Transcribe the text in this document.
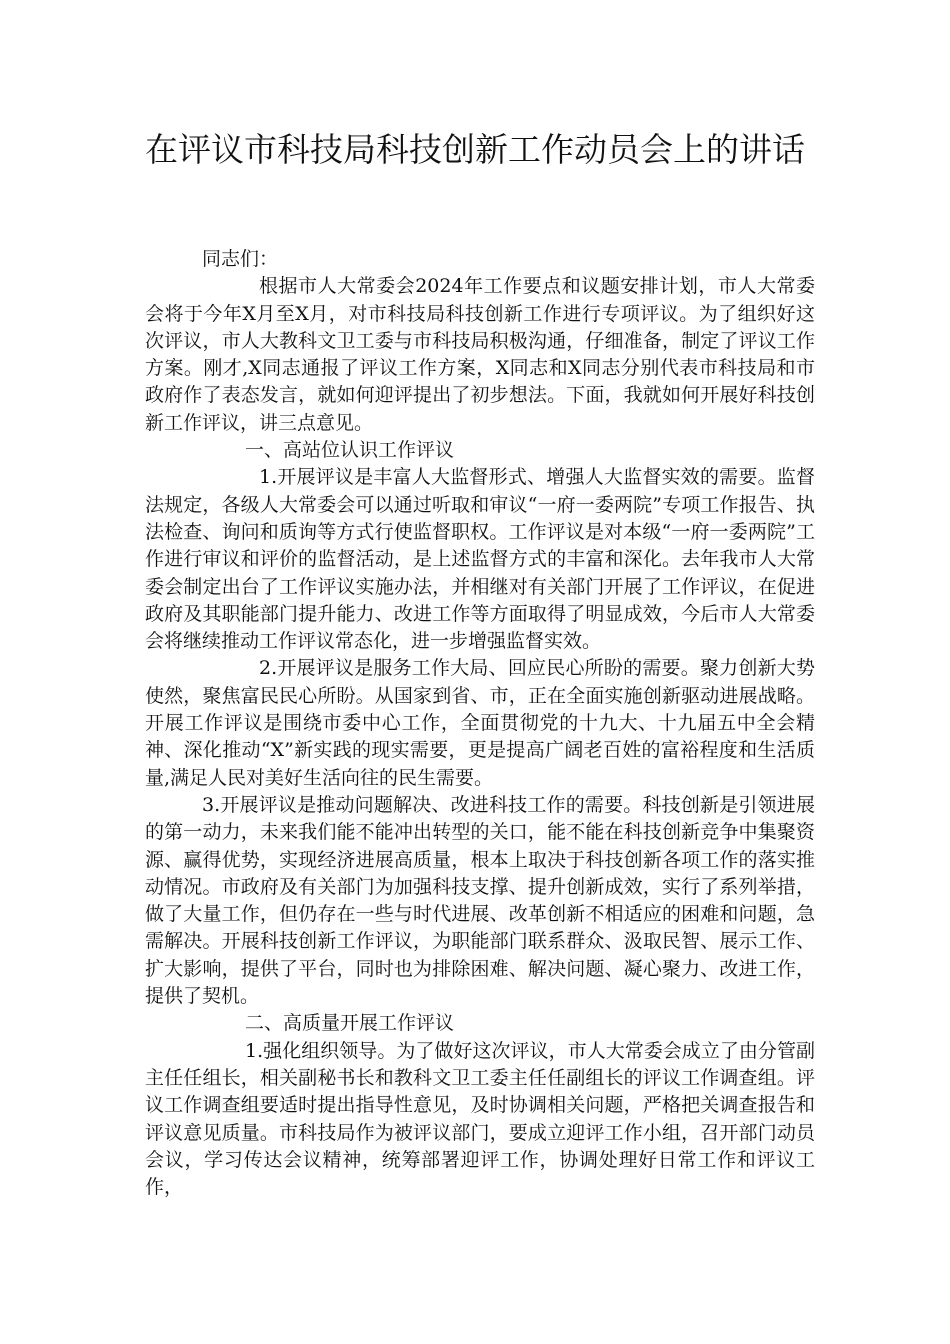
在评议市科技局科技创新工作动员会上的讲话

同志们：

根据市人大常委会2024年工作要点和议题安排计划，市人大常委会将于今年X月至X月，对市科技局科技创新工作进行专项评议。为了组织好这次评议，市人大教科文卫工委与市科技局积极沟通，仔细准备，制定了评议工作方案。刚才,X同志通报了评议工作方案，X同志和X同志分别代表市科技局和市政府作了表态发言，就如何迎评提出了初步想法。下面，我就如何开展好科技创新工作评议，讲三点意见。

一、高站位认识工作评议

1.开展评议是丰富人大监督形式、增强人大监督实效的需要。监督法规定，各级人大常委会可以通过听取和审议“一府一委两院”专项工作报告、执法检查、询问和质询等方式行使监督职权。工作评议是对本级“一府一委两院”工作进行审议和评价的监督活动，是上述监督方式的丰富和深化。去年我市人大常委会制定出台了工作评议实施办法，并相继对有关部门开展了工作评议，在促进政府及其职能部门提升能力、改进工作等方面取得了明显成效，今后市人大常委会将继续推动工作评议常态化，进一步增强监督实效。

2.开展评议是服务工作大局、回应民心所盼的需要。聚力创新大势使然，聚焦富民民心所盼。从国家到省、市，正在全面实施创新驱动进展战略。开展工作评议是围绕市委中心工作，全面贯彻党的十九大、十九届五中全会精神、深化推动“X”新实践的现实需要，更是提高广阔老百姓的富裕程度和生活质量,满足人民对美好生活向往的民生需要。

3.开展评议是推动问题解决、改进科技工作的需要。科技创新是引领进展的第一动力，未来我们能不能冲出转型的关口，能不能在科技创新竞争中集聚资源、赢得优势，实现经济进展高质量，根本上取决于科技创新各项工作的落实推动情况。市政府及有关部门为加强科技支撑、提升创新成效，实行了系列举措，做了大量工作，但仍存在一些与时代进展、改革创新不相适应的困难和问题，急需解决。开展科技创新工作评议，为职能部门联系群众、汲取民智、展示工作、扩大影响，提供了平台，同时也为排除困难、解决问题、凝心聚力、改进工作，提供了契机。

二、高质量开展工作评议

1.强化组织领导。为了做好这次评议，市人大常委会成立了由分管副主任任组长，相关副秘书长和教科文卫工委主任任副组长的评议工作调查组。评议工作调查组要适时提出指导性意见，及时协调相关问题，严格把关调查报告和评议意见质量。市科技局作为被评议部门，要成立迎评工作小组，召开部门动员会议，学习传达会议精神，统筹部署迎评工作，协调处理好日常工作和评议工作，
